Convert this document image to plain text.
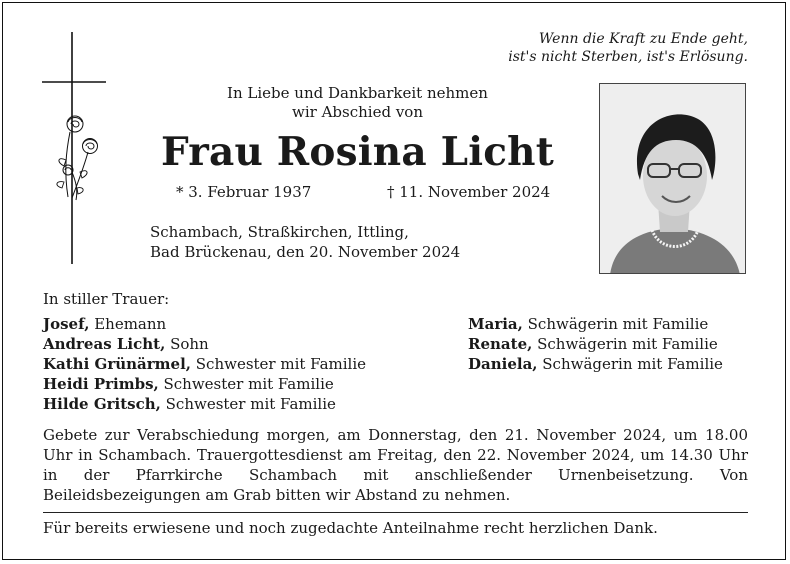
Wenn die Kraft zu Ende geht,
ist's nicht Sterben, ist's Erlösung.
In Liebe und Dankbarkeit nehmen
wir Abschied von
Frau Rosina Licht
* 3. Februar 1937	† 11. November 2024
Schambach, Straßkirchen, Ittling,
Bad Brückenau, den 20. November 2024
In stiller Trauer:
Josef, Ehemann
Andreas Licht, Sohn
Kathi Grünärmel, Schwester mit Familie
Heidi Primbs, Schwester mit Familie
Hilde Gritsch, Schwester mit Familie
Maria, Schwägerin mit Familie
Renate, Schwägerin mit Familie
Daniela, Schwägerin mit Familie
Gebete zur Verabschiedung morgen, am Donnerstag, den 21. November 2024, um 18.00 Uhr in Schambach. Trauergottesdienst am Freitag, den 22. November 2024, um 14.30 Uhr in der Pfarrkirche Schambach mit anschließender Urnenbeisetzung. Von Beileidsbezeigungen am Grab bitten wir Abstand zu nehmen.
Für bereits erwiesene und noch zugedachte Anteilnahme recht herzlichen Dank.
